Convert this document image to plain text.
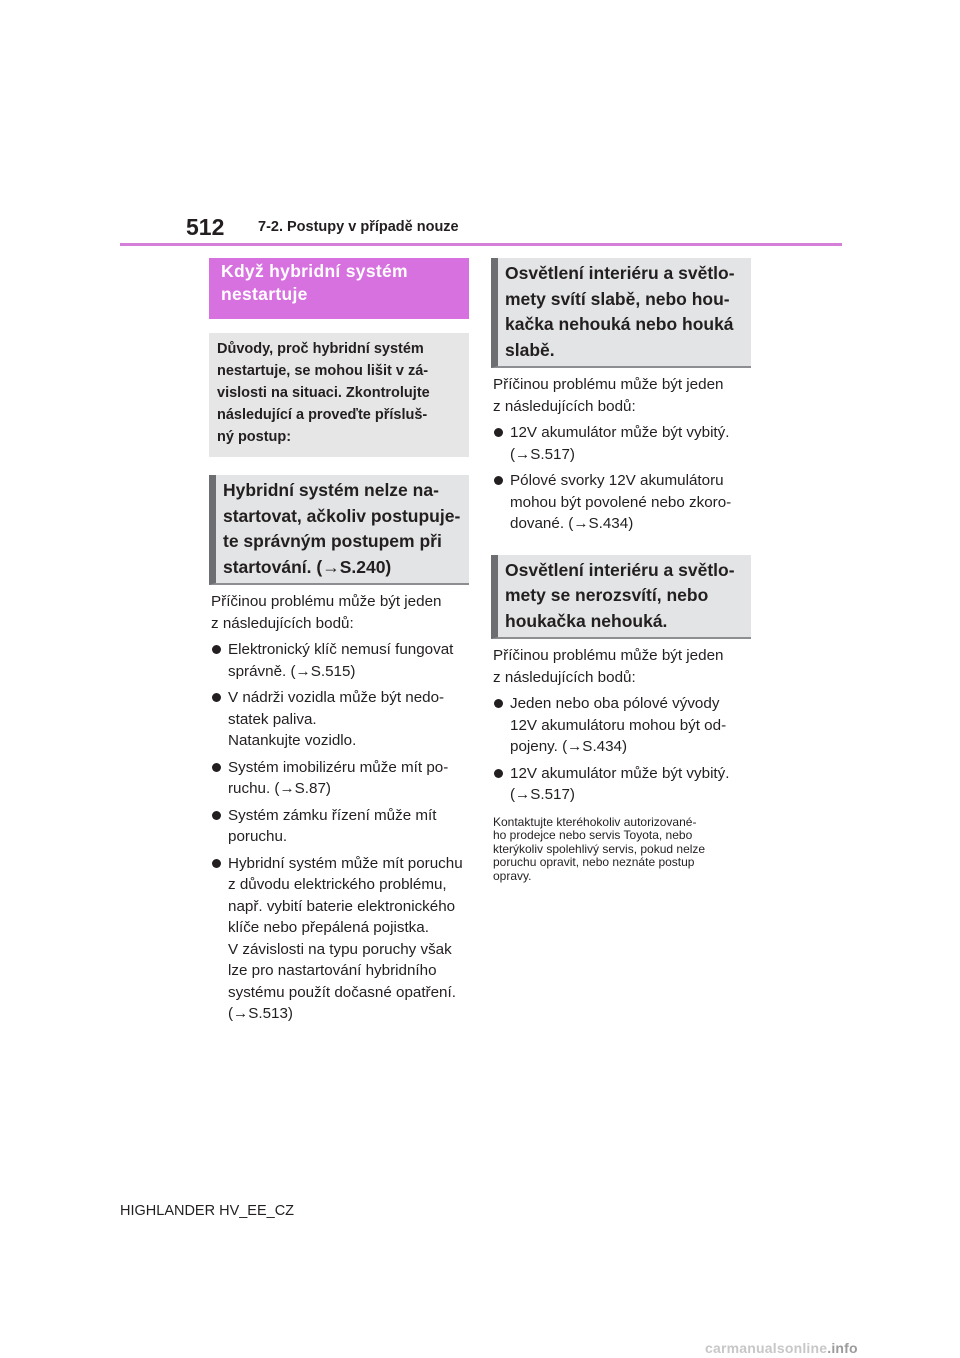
512 7-2. Postupy v případě nouze
Když hybridní systém
nestartuje
Důvody, proč hybridní systém
nestartuje, se mohou lišit v zá-
vislosti na situaci. Zkontrolujte
následující a proveďte přísluš-
ný postup:
Hybridní systém nelze na-
startovat, ačkoliv postupuje-
te správným postupem při
startování. (→S.240)

Příčinou problému může být jeden
z následujících bodů:

Elektronický klíč nemusí fungovat
správně. (→S.515)
V nádrži vozidla může být nedo-
statek paliva.
Natankujte vozidlo.
Systém imobilizéru může mít po-
ruchu. (→S.87)
Systém zámku řízení může mít
poruchu.
Hybridní systém může mít poruchu
z důvodu elektrického problému,
např. vybití baterie elektronického
klíče nebo přepálená pojistka.
V závislosti na typu poruchy však
lze pro nastartování hybridního
systému použít dočasné opatření.
(→S.513)
Osvětlení interiéru a světlo-
mety svítí slabě, nebo hou-
kačka nehouká nebo houká
slabě.

Příčinou problému může být jeden
z následujících bodů:

12V akumulátor může být vybitý.
(→S.517)
Pólové svorky 12V akumulátoru
mohou být povolené nebo zkoro-
dované. (→S.434)
Osvětlení interiéru a světlo-
mety se nerozsvítí, nebo
houkačka nehouká.

Příčinou problému může být jeden
z následujících bodů:

Jeden nebo oba pólové vývody
12V akumulátoru mohou být od-
pojeny. (→S.434)
12V akumulátor může být vybitý.
(→S.517)

Kontaktujte kteréhokoliv autorizované-
ho prodejce nebo servis Toyota, nebo
kterýkoliv spolehlivý servis, pokud nelze
poruchu opravit, nebo neznáte postup
opravy.

HIGHLANDER HV_EE_CZ
carmanualsonline.info
